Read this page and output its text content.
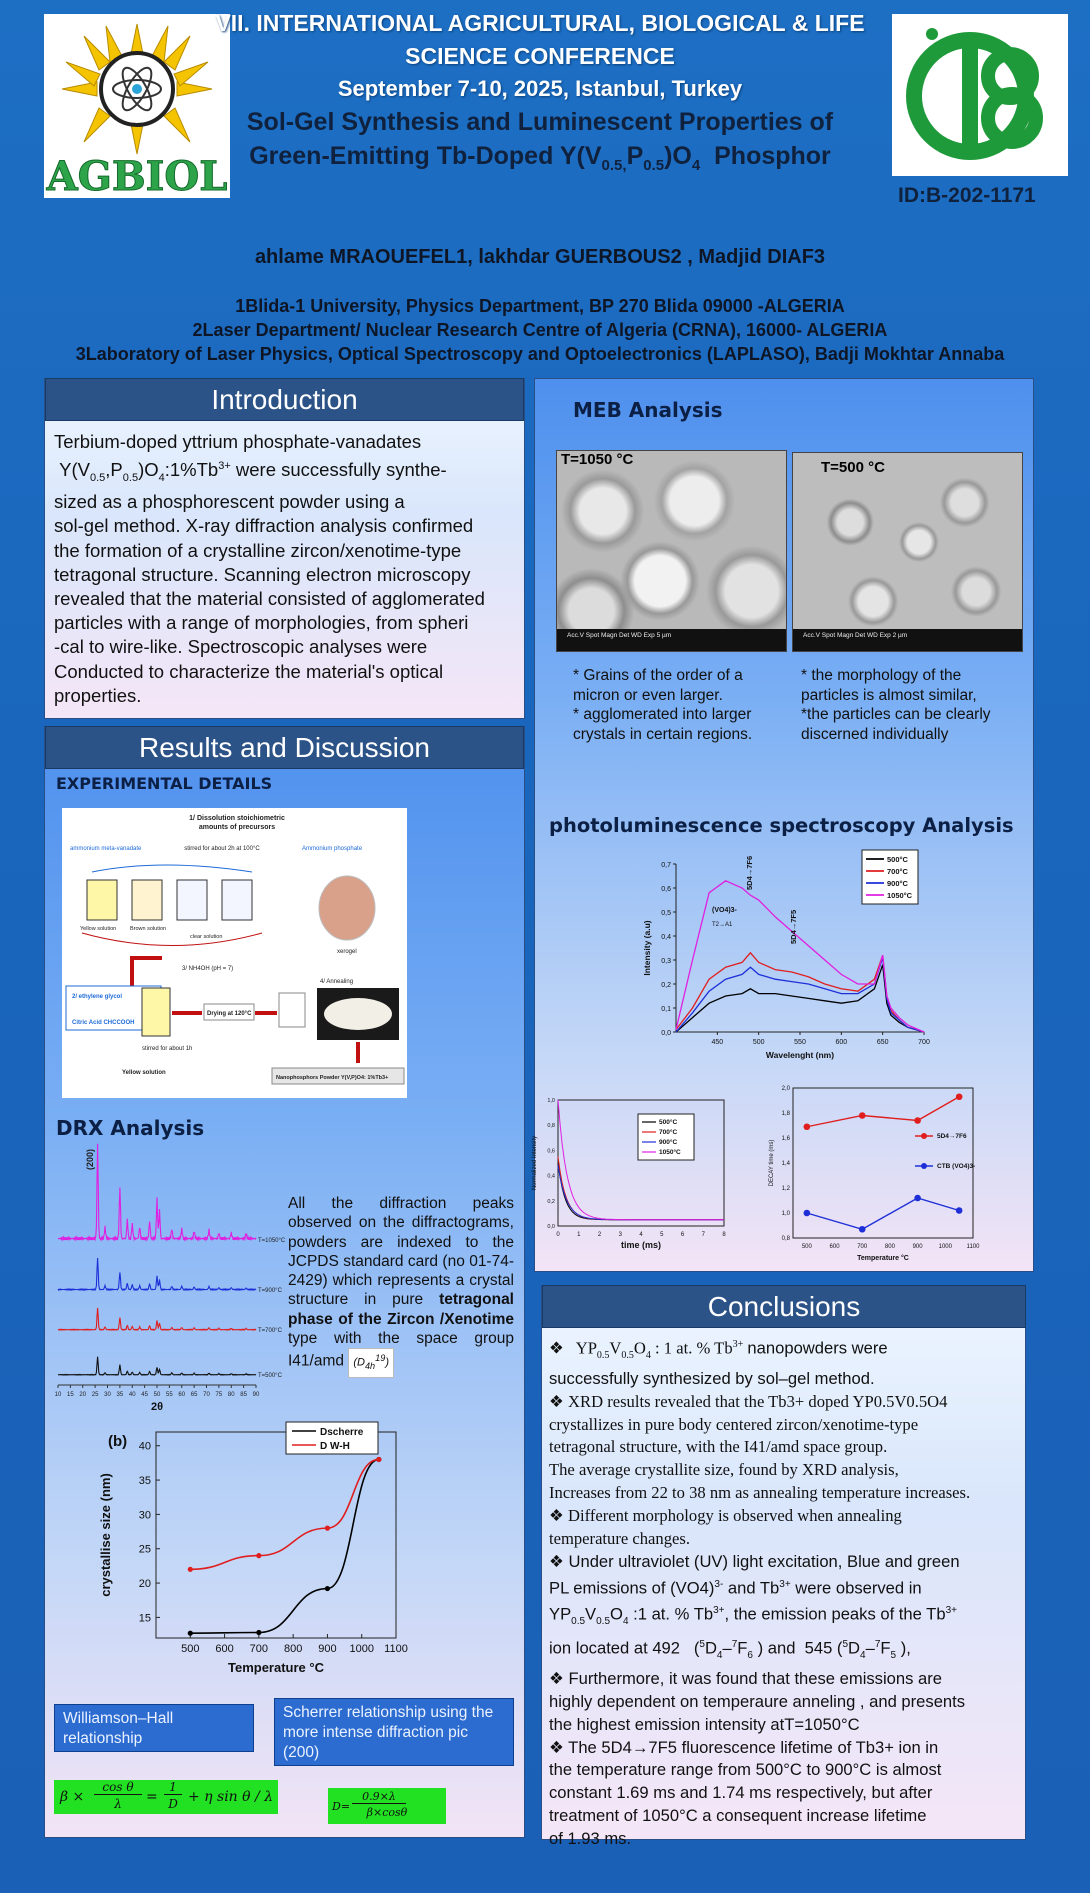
AGBIOL
VII. INTERNATIONAL AGRICULTURAL, BIOLOGICAL & LIFE
SCIENCE CONFERENCE
September 7-10, 2025, Istanbul, Turkey
Sol-Gel Synthesis and Luminescent Properties of
Green-Emitting Tb-Doped $Y(V_{0.5,}P_{0.5})O_4$  Phosphor
ID:B-202-1171
ahlame MRAOUEFEL1, lakhdar GUERBOUS2 , Madjid DIAF3
1Blida-1 University, Physics Department, BP 270 Blida 09000 -ALGERIA
2Laser Department/ Nuclear Research Centre of Algeria (CRNA), 16000- ALGERIA
3Laboratory of Laser Physics, Optical Spectroscopy and Optoelectronics (LAPLASO), Badji Mokhtar Annaba
Introduction
Terbium-doped yttrium phosphate-vanadates
$Y(V_{0.5},P_{0.5})O_4:1\%Tb^{3+}$ were successfully synthe-
sized as a phosphorescent powder using a
sol-gel method. X-ray diffraction analysis confirmed
the formation of a crystalline zircon/xenotime-type
tetragonal structure. Scanning electron microscopy
revealed that the material consisted of agglomerated
particles with a range of morphologies, from spheri
-cal to wire-like. Spectroscopic analyses were
Conducted to characterize the material's optical
properties.
Results and Discussion
EXPERIMENTAL DETAILS
1/ Dissolution stoichiometric
amounts of precursors
stirred for about 2h at 100°C
ammonium meta-vanadate	Ammonium phosphate
Yellow solution	Brown solution
clear solution
xerogel
3/ NH4OH (pH = 7)
2/ ethylene glycol
Citric Acid CHCCOOH
Drying at 120°C
4/ Annealing
stirred for about 1h
Yellow solution
Nanophosphors Powder Y(V,P)O4: 1%Tb3+
DRX Analysis
10 15 20 25 30 35 40 45 50 55 60 65 70 75 80 85 90
2θ
T=1050°C
T=900°C
T=700°C
T=500°C
(200)
All the diffraction peaks observed on the diffractograms, powders are indexed to the JCPDS standard card (no 01-74-2429) which represents a crystal structure in pure tetragonal phase of the Zircon /Xenotime type with the space group I41/amd $(D_{4h}^{19})$
500 600 700 800 900 1000 1100
15
20
25
30
35
40
Temperature °C
crystallise size (nm)
(b)
Dscherre
D W-H
Williamson–Hall relationship
Scherrer relationship using the more intense diffraction pic (200)
β ×
cos θ
λ	=
1
D + η sin θ / λ
D=
0.9×λ
β×cosθ
MEB Analysis
T=1050 °C
Acc.V Spot Magn Det WD Exp 5 µm
T=500 °C
Acc.V Spot Magn Det WD Exp 2 µm
* Grains of the order of a
micron or even larger.
* agglomerated into larger
crystals in certain regions.
* the morphology of the
particles is almost similar,
*the particles can be clearly
discerned individually
photoluminescence spectroscopy Analysis
450	500	550	600	650	700
0,0
0,1
0,2
0,3
0,4
0,5
0,6
0,7
Wavelenght (nm)
Intensity (a.u)
500°C
700°C
900°C
1050°C
5D4→7F6
5D4→7F5
(VO4)3-
T2→A1
0	1	2	3	4	5	6	7	8
0,0
0,2
0,4
0,6
0,8
1,0
time (ms)
Normalized Intensity
500°C
700°C
900°C
1050°C
500	600	700	800	900	1000 1100
0,8
1,0
1,2
1,4
1,6
1,8
2,0
Temperature °C
DECAY time (ms)
5D4→7F6
CTB (VO4)3-
Conclusions
❖   $YP_{0.5}V_{0.5}O_4$ : 1 at. % $Tb^{3+}$ nanopowders were
successfully synthesized by sol–gel method.
❖ XRD results revealed that the Tb3+ doped YP0.5V0.5O4
crystallizes in pure body centered zircon/xenotime-type
tetragonal structure, with the I41/amd space group.
The average crystallite size, found by XRD analysis,
Increases from 22 to 38 nm as annealing temperature increases.
❖ Different morphology is observed when annealing
temperature changes.
❖ Under ultraviolet (UV) light excitation, Blue and green
PL emissions of $(VO4)^{3-}$ and $Tb^{3+}$ were observed in
$YP_{0.5}V_{0.5}O_4$ :1 at. % $Tb^{3+}$, the emission peaks of the $Tb^{3+}$
ion located at 492   ($^5D_4-^7F_6$ ) and  545 ($^5D_4-^7F_5$ ),
❖ Furthermore, it was found that these emissions are
highly dependent on temperaure anneling , and presents
the highest emission intensity atT=1050°C
❖ The 5D4→7F5 fluorescence lifetime of Tb3+ ion in
the temperature range from 500°C to 900°C is almost
constant 1.69 ms and 1.74 ms respectively, but after
treatment of 1050°C a consequent increase lifetime
of 1.93 ms.
